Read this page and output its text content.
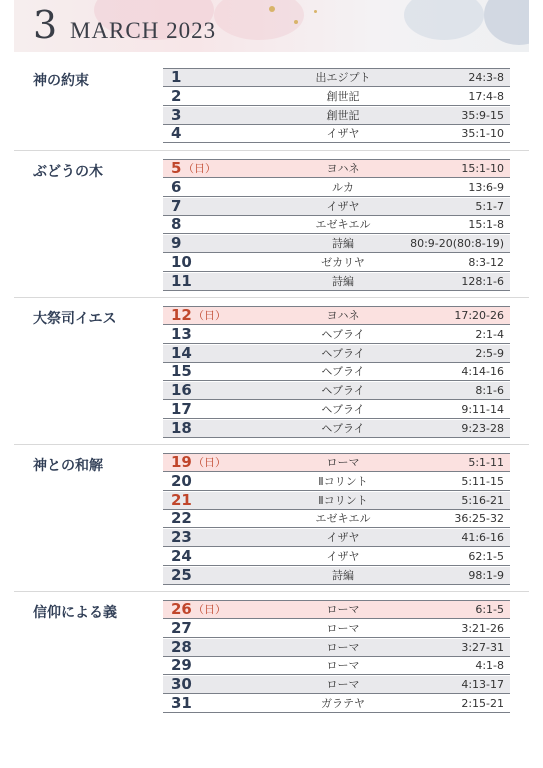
3 MARCH 2023
神の約束	1	出エジプト	24:3-8
2	創世記	17:4-8
3	創世記	35:9-15
4	イザヤ	35:1-10
ぶどうの木	5 （日）	ヨハネ	15:1-10
6	ルカ	13:6-9
7	イザヤ	5:1-7
8	エゼキエル	15:1-8
9	詩編	80:9-20(80:8-19)
10	ゼカリヤ	8:3-12
11	詩編	128:1-6
大祭司イエス	12 （日）	ヨハネ	17:20-26
13	ヘブライ	2:1-4
14	ヘブライ	2:5-9
15	ヘブライ	4:14-16
16	ヘブライ	8:1-6
17	ヘブライ	9:11-14
18	ヘブライ	9:23-28
神との和解	19 （日）	ローマ	5:1-11
20	Ⅱコリント	5:11-15
21	Ⅱコリント	5:16-21
22	エゼキエル	36:25-32
23	イザヤ	41:6-16
24	イザヤ	62:1-5
25	詩編	98:1-9
信仰による義	26 （日）	ローマ	6:1-5
27	ローマ	3:21-26
28	ローマ	3:27-31
29	ローマ	4:1-8
30	ローマ	4:13-17
31	ガラテヤ	2:15-21
